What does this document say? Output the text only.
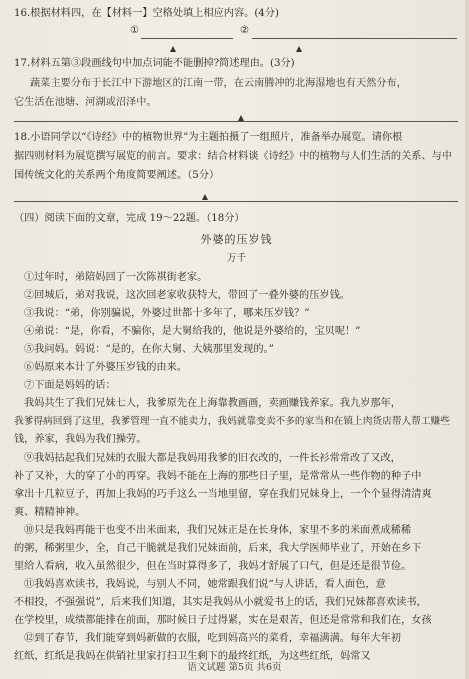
16.根据材料四，在【材料一】空格处填上相应内容。(4分)
①	②
17.材料五第③段画线句中加点词能不能删掉?简述理由。(3分)
蔬菜主要分布于长江中下游地区的江南一带，在云南腾冲的北海湿地也有天然分布，
它生活在池塘、河湖或沼泽中。
18.小语同学以“《诗经》中的植物世界”为主题拍摄了一组照片，准备举办展览。请你根
据四则材料为展览撰写展览的前言。要求：结合材料谈《诗经》中的植物与人们生活的关系、与中
国传统文化的关系两个角度简要阐述。（5分）
（四）阅读下面的文章，完成 19～22题。（18分）
外婆的压岁钱
万千
①过年时，弟陪妈回了一次陈祺街老家。
②回城后，弟对我说，这次回老家收获特大，带回了一叠外婆的压岁钱。
③我说：“弟，你别骗说，外婆过世都十多年了，哪来压岁钱？”
④弟说：“是，你看，不骗你，是大舅给我的，他说是外婆给的，宝贝呢！”
⑤我问妈。妈说：“是的，在你大舅、大姨那里发现的。”
⑥妈原来本计了外婆压岁钱的由来。
⑦下面是妈妈的话：
我妈共生了我们兄妹七人，我爹原先在上海靠教画画，卖画赚钱养家。我九岁那年，
我爹得病回到了这里，我爹管理一直不能卖力，我妈就靠变卖不多的家当和在镇上肉货店帮人帮工赚些
钱，养家，我妈为我们操劳。
⑨我妈拈起我们兄妹的衣服大都是我妈用我爹的旧衣改的，一件长衫常常改了又改，
补了又补，大的穿了小的再穿。我妈不能在上海的那些日子里，是常常从一些作物的种子中
拿出十几粒豆子，再加上我妈的巧手这么一当地里留，穿在我们兄妹身上，一个个显得清清爽
爽、精精神神。
⑩只是我妈再能干也变不出米面来，我们兄妹正是在长身体，家里不多的米面煮成稀稀
的粥，稀粥里少，全，自己干脆就是我们兄妹面前，后来，我大学医师毕业了，开始在乡下
里给人看病，收入虽然很少，但在当时算得多了，我妈才舒展了口气，但是还是很节俭。
⑪我妈喜欢读书，我妈说，与别人不同，她常跟我们说“与人讲话，看人面色，意
不相投，不强强说”，后来我们知道，其实是我妈从小就爱书上的话，我们兄妹都喜欢读书，
在学校里，成绩都能排在前面，那时候日子过得紧，实在是艰苦，但还是常常和我们在，女孩
⑫到了春节，我们能穿到妈新做的衣服，吃到妈高兴的菜肴，幸福满满。每年大年初
红纸，红纸是我妈在供销社里家打扫卫生剩下的最终红纸，为这些红纸，妈常又
语文试题 第5页 共6页
